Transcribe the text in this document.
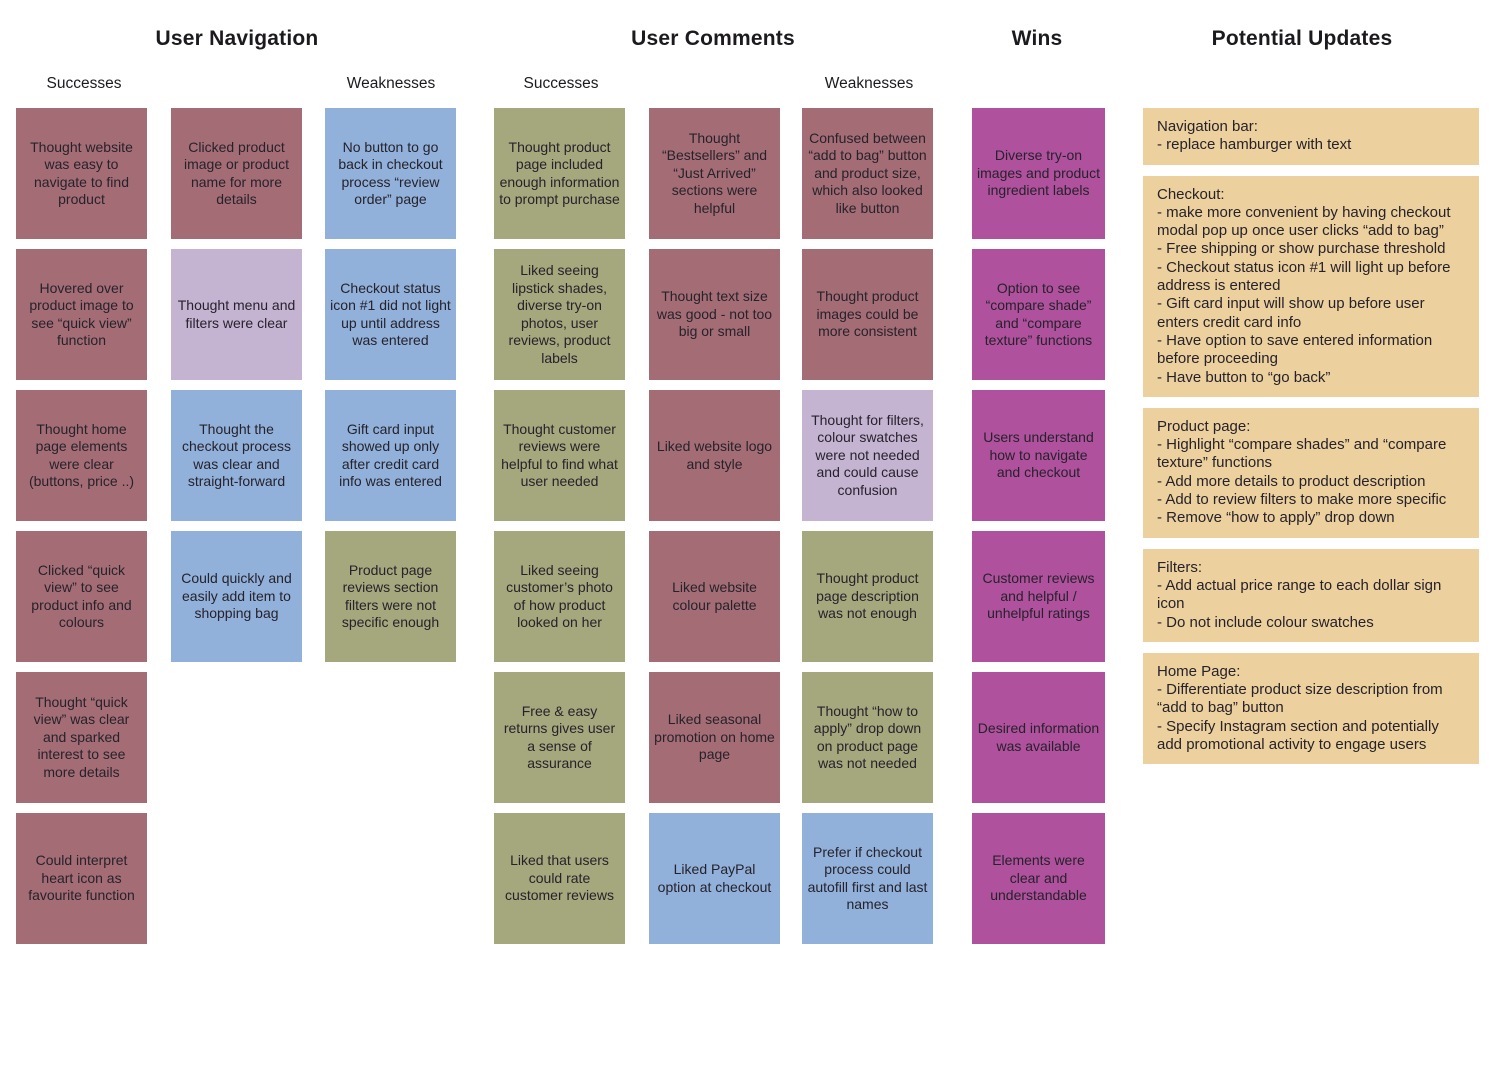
User Navigation	User Comments	Wins	Potential Updates
Successes	Weaknesses	Successes	Weaknesses
Thought website was easy to navigate to find product
Hovered over product image to see “quick view” function
Thought home page elements were clear (buttons, price ..)
Clicked “quick view” to see product info and colours
Thought “quick view” was clear and sparked interest to see more details
Could interpret heart icon as favourite function
Clicked product image or product name for more details
Thought menu and filters were clear
Thought the checkout process was clear and straight-forward
Could quickly and easily add item to shopping bag
No button to go back in checkout process “review order” page
Checkout status icon #1 did not light up until address was entered
Gift card input showed up only after credit card info was entered
Product page reviews section filters were not specific enough
Thought product page included enough information to prompt purchase
Liked seeing lipstick shades, diverse try-on photos, user reviews, product labels
Thought customer reviews were helpful to find what user needed
Liked seeing customer’s photo of how product looked on her
Free & easy returns gives user a sense of assurance
Liked that users could rate customer reviews
Thought “Bestsellers” and “Just Arrived” sections were helpful
Thought text size was good - not too big or small
Liked website logo and style
Liked website colour palette
Liked seasonal promotion on home page
Liked PayPal option at checkout
Confused between “add to bag” button and product size, which also looked like button
Thought product images could be more consistent
Thought for filters, colour swatches were not needed and could cause confusion
Thought product page description was not enough
Thought “how to apply” drop down on product page was not needed
Prefer if checkout process could autofill first and last names
Diverse try-on images and product ingredient labels
Option to see “compare shade” and “compare texture” functions
Users understand how to navigate and checkout
Customer reviews and helpful / unhelpful ratings
Desired information was available
Elements were clear and understandable
Navigation bar:
- replace hamburger with text
Checkout:
- make more convenient by having checkout modal pop up once user clicks “add to bag”
- Free shipping or show purchase threshold
- Checkout status icon #1 will light up before address is entered
- Gift card input will show up before user enters credit card info
- Have option to save entered information before proceeding
- Have button to “go back”
Product page:
- Highlight “compare shades” and “compare texture” functions
- Add more details to product description
- Add to review filters to make more specific
- Remove “how to apply” drop down
Filters:
- Add actual price range to each dollar sign icon
- Do not include colour swatches
Home Page:
- Differentiate product size description from “add to bag” button
- Specify Instagram section and potentially add promotional activity to engage users
